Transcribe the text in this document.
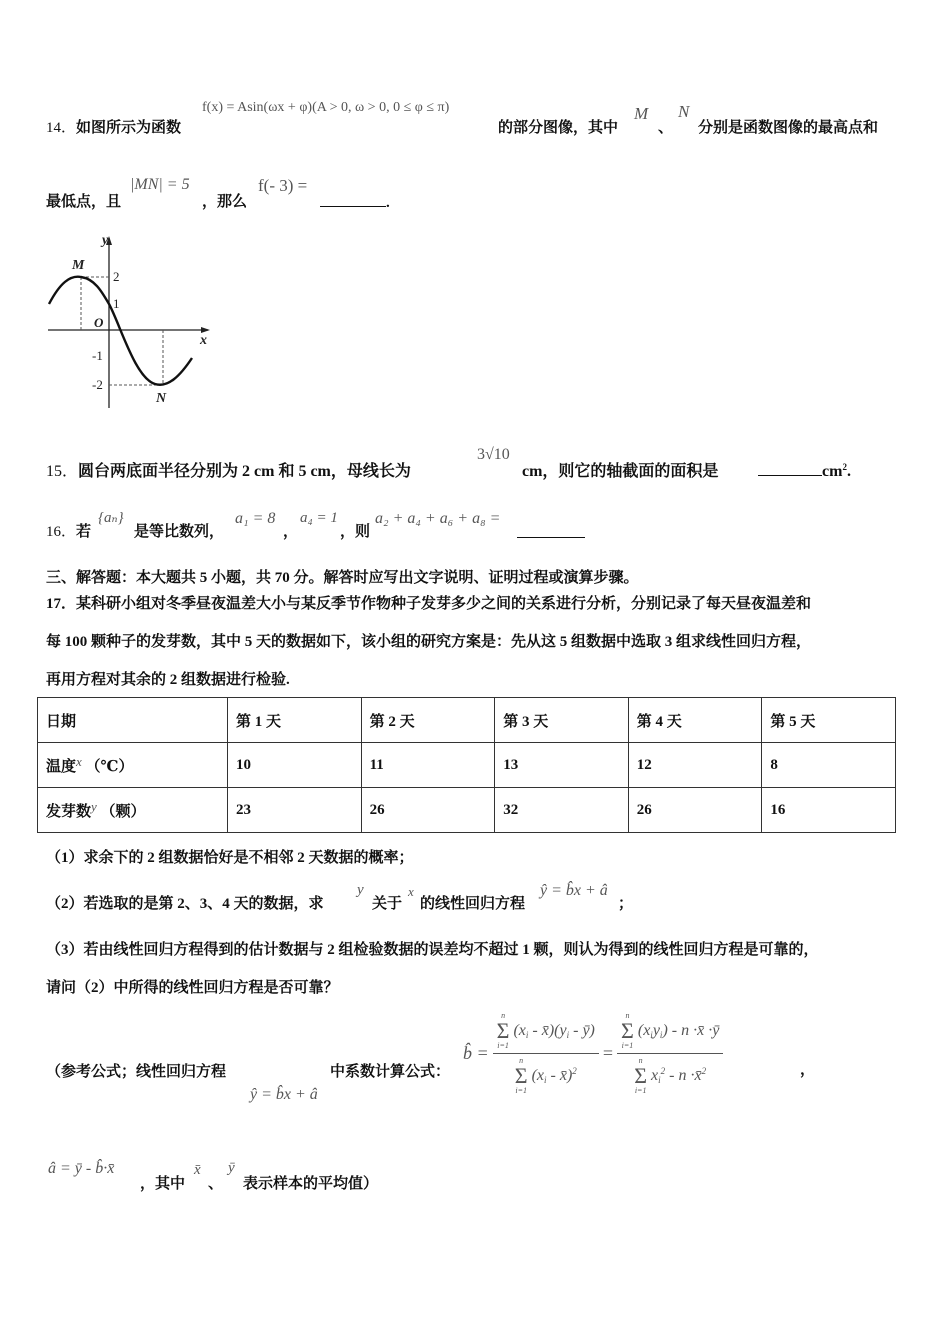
14．如图所示为函数
f(x) = Asin(ωx + φ)(A > 0, ω > 0, 0 ≤ φ ≤ π)
的部分图像，其中
M
、
N
分别是函数图像的最高点和
最低点，且
|MN| = 5
，那么
f(- 3) =
.
y
x
O
M
N
2
1
-1
-2
15．圆台两底面半径分别为 2 cm 和 5 cm，母线长为
3√10
cm，则它的轴截面的面积是	$cm^2$.
16．若
{aₙ}
是等比数列，
a₁ = 8
，
a₄ = 1
，则
a₂ + a₄ + a₆ + a₈ =
三、解答题：本大题共 5 小题，共 70 分。解答时应写出文字说明、证明过程或演算步骤。
17．某科研小组对冬季昼夜温差大小与某反季节作物种子发芽多少之间的关系进行分析，分别记录了每天昼夜温差和
每 100 颗种子的发芽数，其中 5 天的数据如下，该小组的研究方案是：先从这 5 组数据中选取 3 组求线性回归方程，
再用方程对其余的 2 组数据进行检验.
日期	第 1 天	第 2 天	第 3 天	第 4 天	第 5 天
温度x （℃）	10	11	13	12	8
发芽数y （颗）	23	26	32	26	16
（1）求余下的 2 组数据恰好是不相邻 2 天数据的概率；
（2）若选取的是第 2、3、4 天的数据，求
y
关于
x
的线性回归方程
ŷ = b̂x + â
；
（3）若由线性回归方程得到的估计数据与 2 组检验数据的误差均不超过 1 颗，则认为得到的线性回归方程是可靠的，
请问（2）中所得的线性回归方程是否可靠？
（参考公式；线性回归方程
ŷ = b̂x + â
中系数计算公式：
b̂ = n
Σ
i=1
($x_i$ - $x̄)(y_i$ - ȳ)
n
Σ
i=1
($x_i$ - x̄)$^2$ = n
Σ
i=1
$(x_iy_i)$ - n ·x̄ ·ȳ
n
Σ
i=1
$x_i^2$ - n ·x̄$^2$	，
â = ȳ - b̂·x̄
，其中
x̄
、
ȳ
表示样本的平均值）
